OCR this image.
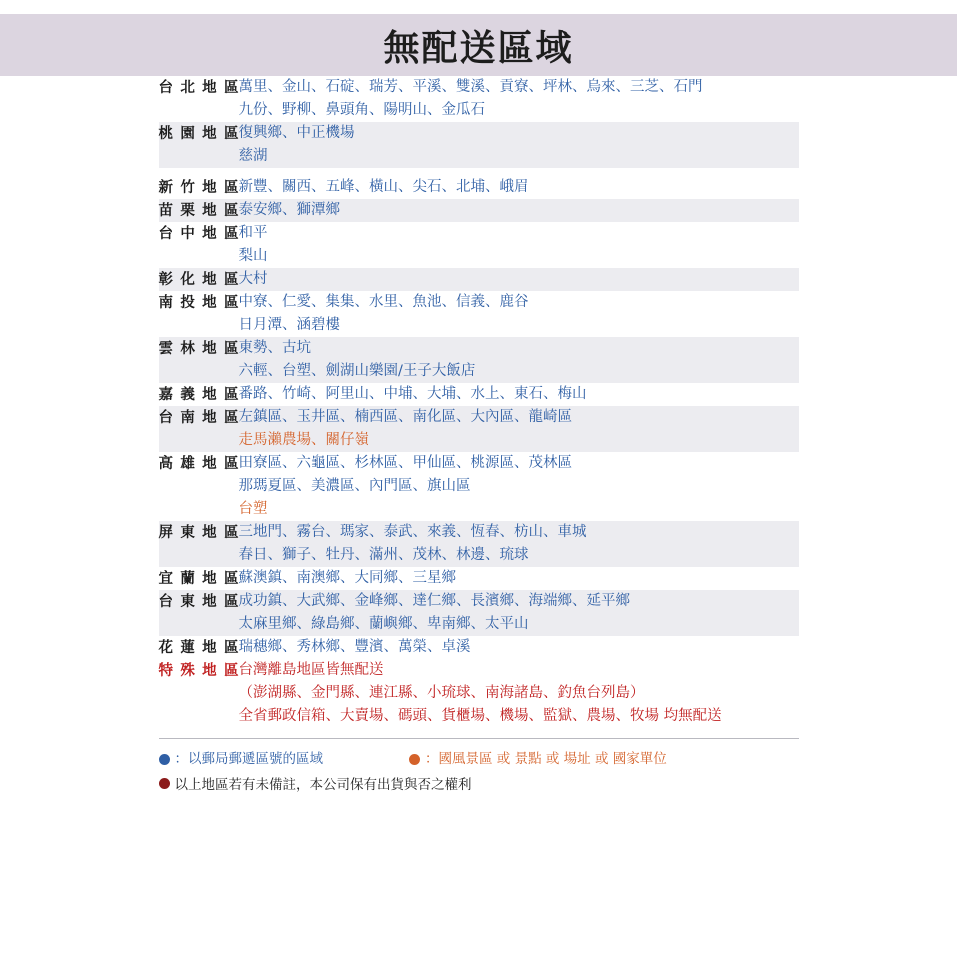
無配送區域
台北地區	萬里、金山、石碇、瑞芳、平溪、雙溪、貢寮、坪林、烏來、三芝、石門
九份、野柳、鼻頭角、陽明山、金瓜石

桃園地區	復興鄉、中正機場
慈湖

新竹地區	新豐、關西、五峰、橫山、尖石、北埔、峨眉

苗栗地區	泰安鄉、獅潭鄉

台中地區	和平
梨山

彰化地區	大村

南投地區	中寮、仁愛、集集、水里、魚池、信義、鹿谷
日月潭、涵碧樓

雲林地區	東勢、古坑
六輕、台塑、劍湖山樂園/王子大飯店

嘉義地區	番路、竹崎、阿里山、中埔、大埔、水上、東石、梅山

台南地區	左鎮區、玉井區、楠西區、南化區、大內區、龍崎區
走馬瀨農場、關仔嶺

高雄地區	田寮區、六龜區、杉林區、甲仙區、桃源區、茂林區
那瑪夏區、美濃區、內門區、旗山區
台塑

屏東地區	三地門、霧台、瑪家、泰武、來義、恆春、枋山、車城
春日、獅子、牡丹、滿州、茂林、林邊、琉球

宜蘭地區	蘇澳鎮、南澳鄉、大同鄉、三星鄉

台東地區	成功鎮、大武鄉、金峰鄉、達仁鄉、長濱鄉、海端鄉、延平鄉
太麻里鄉、綠島鄉、蘭嶼鄉、卑南鄉、太平山

花蓮地區	瑞穗鄉、秀林鄉、豐濱、萬榮、卓溪

特殊地區	台灣離島地區皆無配送
（澎湖縣、金門縣、連江縣、小琉球、南海諸島、釣魚台列島）
全省郵政信箱、大賣場、碼頭、貨櫃場、機場、監獄、農場、牧場 均無配送
：以郵局郵遞區號的區域	：國風景區 或 景點 或 場址 或 國家單位
以上地區若有未備註，本公司保有出貨與否之權利
